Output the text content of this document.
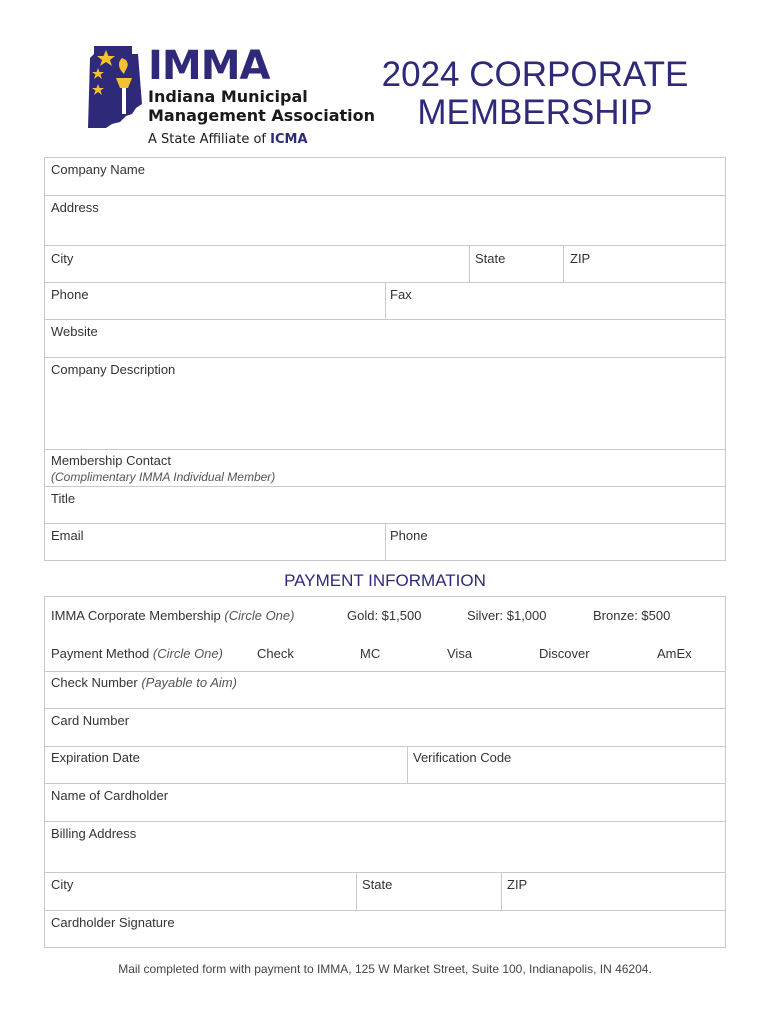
IMMA
Indiana Municipal
Management Association
A State Affiliate of ICMA
2024 CORPORATE
MEMBERSHIP
Company Name
Address
City	State	ZIP
Phone	Fax
Website
Company Description
Membership Contact
(Complimentary IMMA Individual Member)
Title
Email	Phone
PAYMENT INFORMATION
IMMA Corporate Membership (Circle One)	Gold: $1,500	Silver: $1,000	Bronze: $500
Payment Method (Circle One)	Check	MC	Visa	Discover	AmEx
Check Number (Payable to Aim)
Card Number
Expiration Date	Verification Code
Name of Cardholder
Billing Address
City	State	ZIP
Cardholder Signature
Mail completed form with payment to IMMA, 125 W Market Street, Suite 100, Indianapolis, IN 46204.
